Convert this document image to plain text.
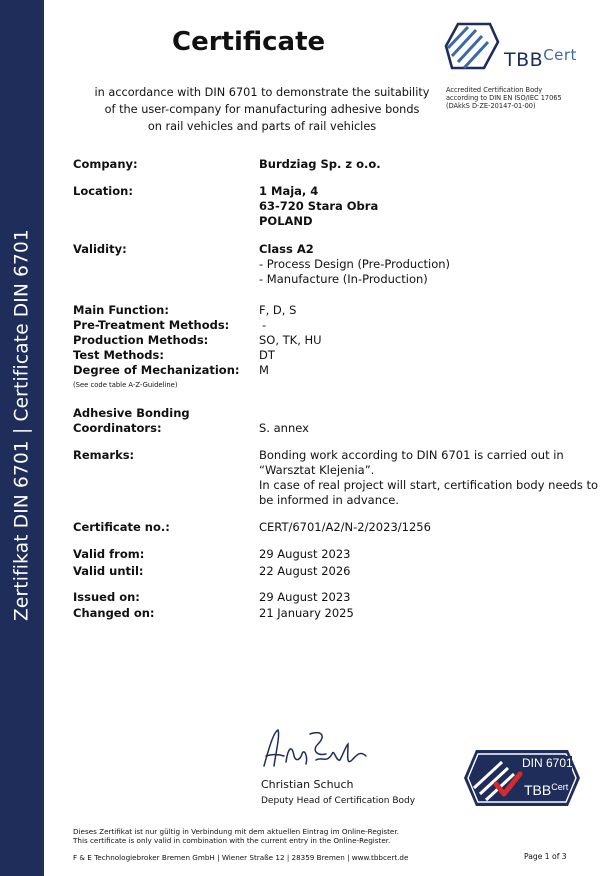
Zertifikat DIN 6701 | Certificate DIN 6701
Certificate
in accordance with DIN 6701 to demonstrate the suitability
of the user-company for manufacturing adhesive bonds
on rail vehicles and parts of rail vehicles
$TBB^{Cert}$
Accredited Certification Body
according to DIN EN ISO/IEC 17065
(DAkkS D-ZE-20147-01-00)
Company:	Burdziag Sp. z o.o.
Location:	1 Maja, 4
63-720 Stara Obra
POLAND
Validity:	Class A2
- Process Design (Pre-Production)
- Manufacture (In-Production)
Main Function:	F, D, S
Pre-Treatment Methods:	-
Production Methods:	SO, TK, HU
Test Methods:	DT
Degree of Mechanization: M
(See code table A-Z-Guideline)
Adhesive Bonding
Coordinators:	S. annex
Remarks:	Bonding work according to DIN 6701 is carried out in
“Warsztat Klejenia”.
In case of real project will start, certification body needs to
be informed in advance.
Certificate no.:	CERT/6701/A2/N-2/2023/1256
Valid from:	29 August 2023
Valid until:	22 August 2026
Issued on:	29 August 2023
Changed on:	21 January 2025
Christian Schuch
Deputy Head of Certification Body
DIN 6701
$TBB^{Cert}$
Dieses Zertifikat ist nur gültig in Verbindung mit dem aktuellen Eintrag im Online-Register.
This certificate is only valid in combination with the current entry in the Online-Register.
F & E Technologiebroker Bremen GmbH | Wiener Straße 12 | 28359 Bremen | www.tbbcert.de	Page 1 of 3
